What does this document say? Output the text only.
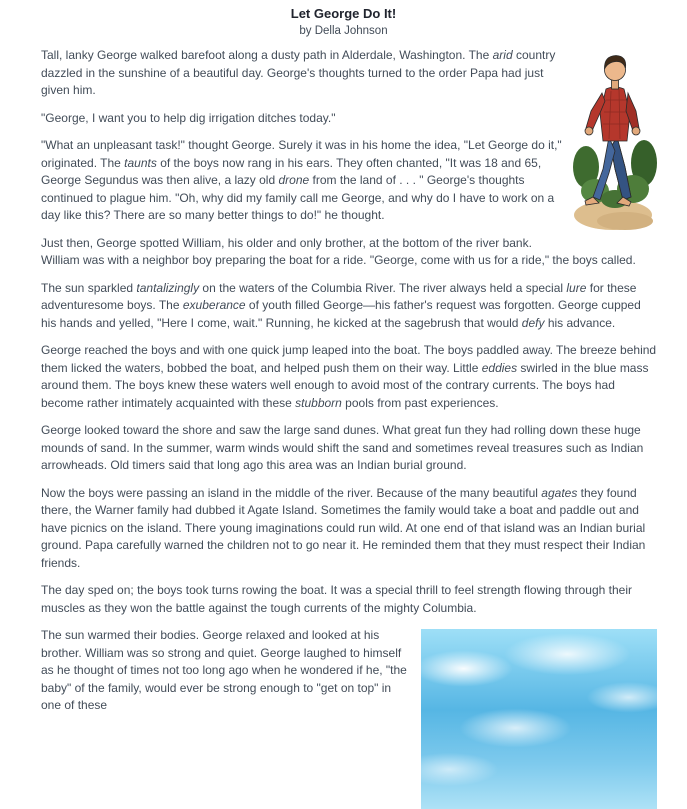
Let George Do It!
by Della Johnson

Tall, lanky George walked barefoot along a dusty path in Alderdale, Washington. The arid country dazzled in the sunshine of a beautiful day. George's thoughts turned to the order Papa had just given him.

"George, I want you to help dig irrigation ditches today."

"What an unpleasant task!" thought George. Surely it was in his home the idea, "Let George do it," originated. The taunts of the boys now rang in his ears. They often chanted, "It was 18 and 65, George Segundus was then alive, a lazy old drone from the land of . . . " George's thoughts continued to plague him. "Oh, why did my family call me George, and why do I have to work on a day like this? There are so many better things to do!" he thought.

Just then, George spotted William, his older and only brother, at the bottom of the river bank. William was with a neighbor boy preparing the boat for a ride. "George, come with us for a ride," the boys called.

The sun sparkled tantalizingly on the waters of the Columbia River. The river always held a special lure for these adventuresome boys. The exuberance of youth filled George—his father's request was forgotten. George cupped his hands and yelled, "Here I come, wait." Running, he kicked at the sagebrush that would defy his advance.

George reached the boys and with one quick jump leaped into the boat. The boys paddled away. The breeze behind them licked the waters, bobbed the boat, and helped push them on their way. Little eddies swirled in the blue mass around them. The boys knew these waters well enough to avoid most of the contrary currents. The boys had become rather intimately acquainted with these stubborn pools from past experiences.

George looked toward the shore and saw the large sand dunes. What great fun they had rolling down these huge mounds of sand. In the summer, warm winds would shift the sand and sometimes reveal treasures such as Indian arrowheads. Old timers said that long ago this area was an Indian burial ground.

Now the boys were passing an island in the middle of the river. Because of the many beautiful agates they found there, the Warner family had dubbed it Agate Island. Sometimes the family would take a boat and paddle out and have picnics on the island. There young imaginations could run wild. At one end of that island was an Indian burial ground. Papa carefully warned the children not to go near it. He reminded them that they must respect their Indian friends.

The day sped on; the boys took turns rowing the boat. It was a special thrill to feel strength flowing through their muscles as they won the battle against the tough currents of the mighty Columbia.

The sun warmed their bodies. George relaxed and looked at his brother. William was so strong and quiet. George laughed to himself as he thought of times not too long ago when he wondered if he, "the baby" of the family, would ever be strong enough to "get on top" in one of these
